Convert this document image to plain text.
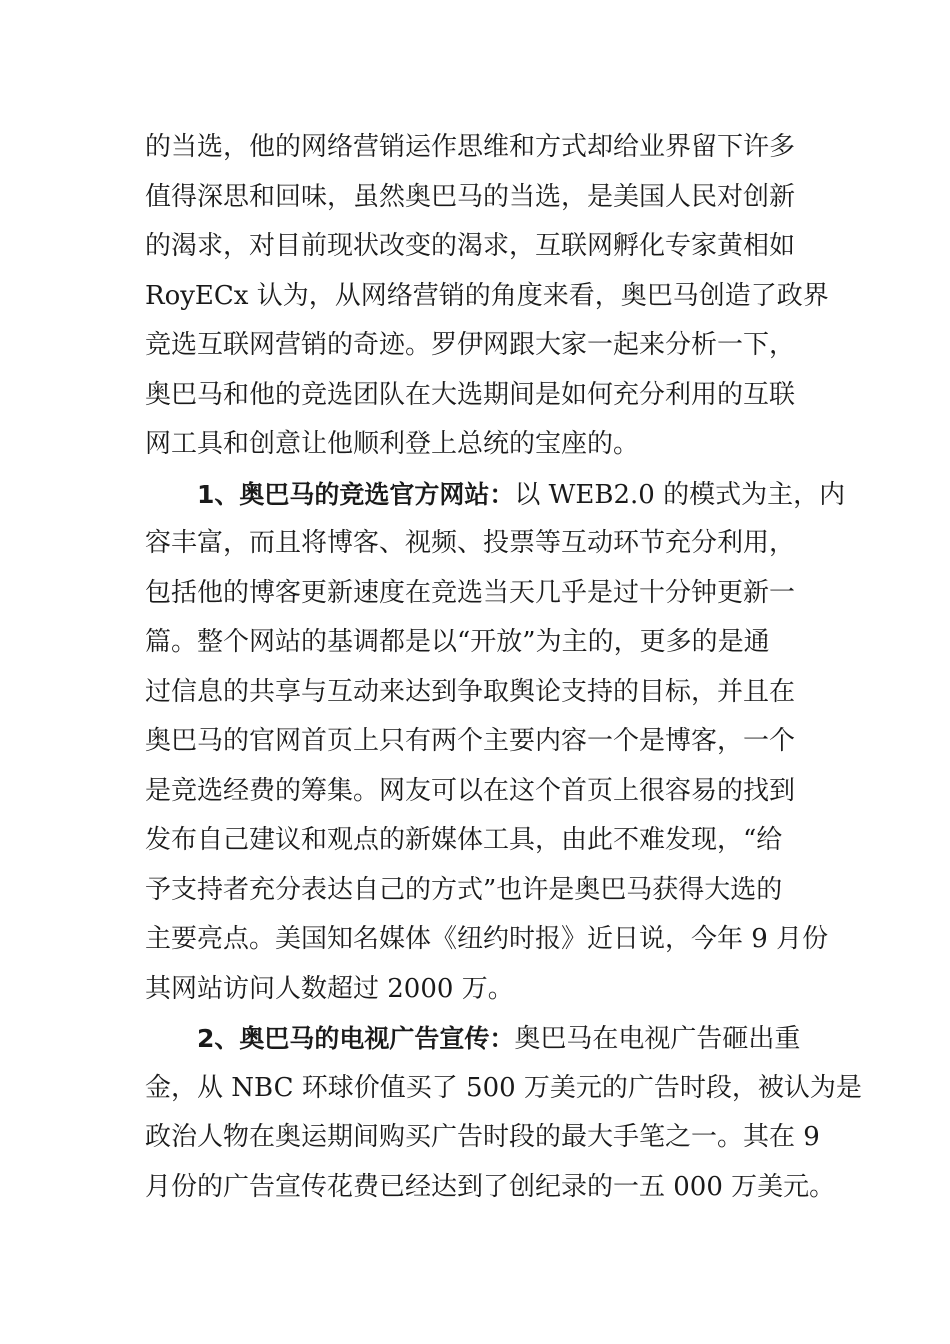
的当选，他的网络营销运作思维和方式却给业界留下许多
值得深思和回味，虽然奥巴马的当选，是美国人民对创新
的渴求，对目前现状改变的渴求，互联网孵化专家黄相如
RoyECx 认为，从网络营销的角度来看，奥巴马创造了政界
竞选互联网营销的奇迹。罗伊网跟大家一起来分析一下，
奥巴马和他的竞选团队在大选期间是如何充分利用的互联
网工具和创意让他顺利登上总统的宝座的。
1、奥巴马的竞选官方网站：以 WEB2.0 的模式为主，内
容丰富，而且将博客、视频、投票等互动环节充分利用，
包括他的博客更新速度在竞选当天几乎是过十分钟更新一
篇。整个网站的基调都是以“开放”为主的，更多的是通
过信息的共享与互动来达到争取舆论支持的目标，并且在
奥巴马的官网首页上只有两个主要内容一个是博客，一个
是竞选经费的筹集。网友可以在这个首页上很容易的找到
发布自己建议和观点的新媒体工具，由此不难发现，“给
予支持者充分表达自己的方式”也许是奥巴马获得大选的
主要亮点。美国知名媒体《纽约时报》近日说，今年 9 月份
其网站访问人数超过 2000 万。
2、奥巴马的电视广告宣传：奥巴马在电视广告砸出重
金，从 NBC 环球价值买了 500 万美元的广告时段，被认为是
政治人物在奥运期间购买广告时段的最大手笔之一。其在 9
月份的广告宣传花费已经达到了创纪录的一五 000 万美元。
